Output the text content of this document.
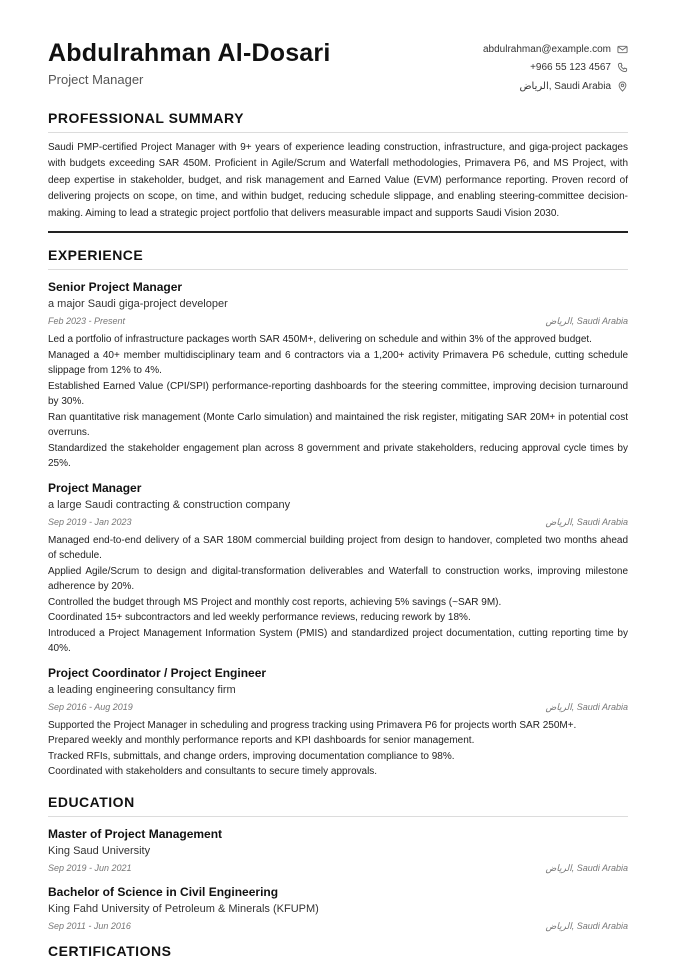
Abdulrahman Al-Dosari
Project Manager
abdulrahman@example.com
+966 55 123 4567
الرياض, Saudi Arabia
PROFESSIONAL SUMMARY
Saudi PMP-certified Project Manager with 9+ years of experience leading construction, infrastructure, and giga-project packages with budgets exceeding SAR 450M. Proficient in Agile/Scrum and Waterfall methodologies, Primavera P6, and MS Project, with deep expertise in stakeholder, budget, and risk management and Earned Value (EVM) performance reporting. Proven record of delivering projects on scope, on time, and within budget, reducing schedule slippage, and enabling steering-committee decision-making. Aiming to lead a strategic project portfolio that delivers measurable impact and supports Saudi Vision 2030.
EXPERIENCE
Senior Project Manager
a major Saudi giga-project developer
Feb 2023 - Present	الرياض, Saudi Arabia
Led a portfolio of infrastructure packages worth SAR 450M+, delivering on schedule and within 3% of the approved budget.
Managed a 40+ member multidisciplinary team and 6 contractors via a 1,200+ activity Primavera P6 schedule, cutting schedule slippage from 12% to 4%.
Established Earned Value (CPI/SPI) performance-reporting dashboards for the steering committee, improving decision turnaround by 30%.
Ran quantitative risk management (Monte Carlo simulation) and maintained the risk register, mitigating SAR 20M+ in potential cost overruns.
Standardized the stakeholder engagement plan across 8 government and private stakeholders, reducing approval cycle times by 25%.
Project Manager
a large Saudi contracting & construction company
Sep 2019 - Jan 2023	الرياض, Saudi Arabia
Managed end-to-end delivery of a SAR 180M commercial building project from design to handover, completed two months ahead of schedule.
Applied Agile/Scrum to design and digital-transformation deliverables and Waterfall to construction works, improving milestone adherence by 20%.
Controlled the budget through MS Project and monthly cost reports, achieving 5% savings (~SAR 9M).
Coordinated 15+ subcontractors and led weekly performance reviews, reducing rework by 18%.
Introduced a Project Management Information System (PMIS) and standardized project documentation, cutting reporting time by 40%.
Project Coordinator / Project Engineer
a leading engineering consultancy firm
Sep 2016 - Aug 2019	الرياض, Saudi Arabia
Supported the Project Manager in scheduling and progress tracking using Primavera P6 for projects worth SAR 250M+.
Prepared weekly and monthly performance reports and KPI dashboards for senior management.
Tracked RFIs, submittals, and change orders, improving documentation compliance to 98%.
Coordinated with stakeholders and consultants to secure timely approvals.
EDUCATION
Master of Project Management
King Saud University
Sep 2019 - Jun 2021	الرياض, Saudi Arabia
Bachelor of Science in Civil Engineering
King Fahd University of Petroleum & Minerals (KFUPM)
Sep 2011 - Jun 2016	الرياض, Saudi Arabia
CERTIFICATIONS
